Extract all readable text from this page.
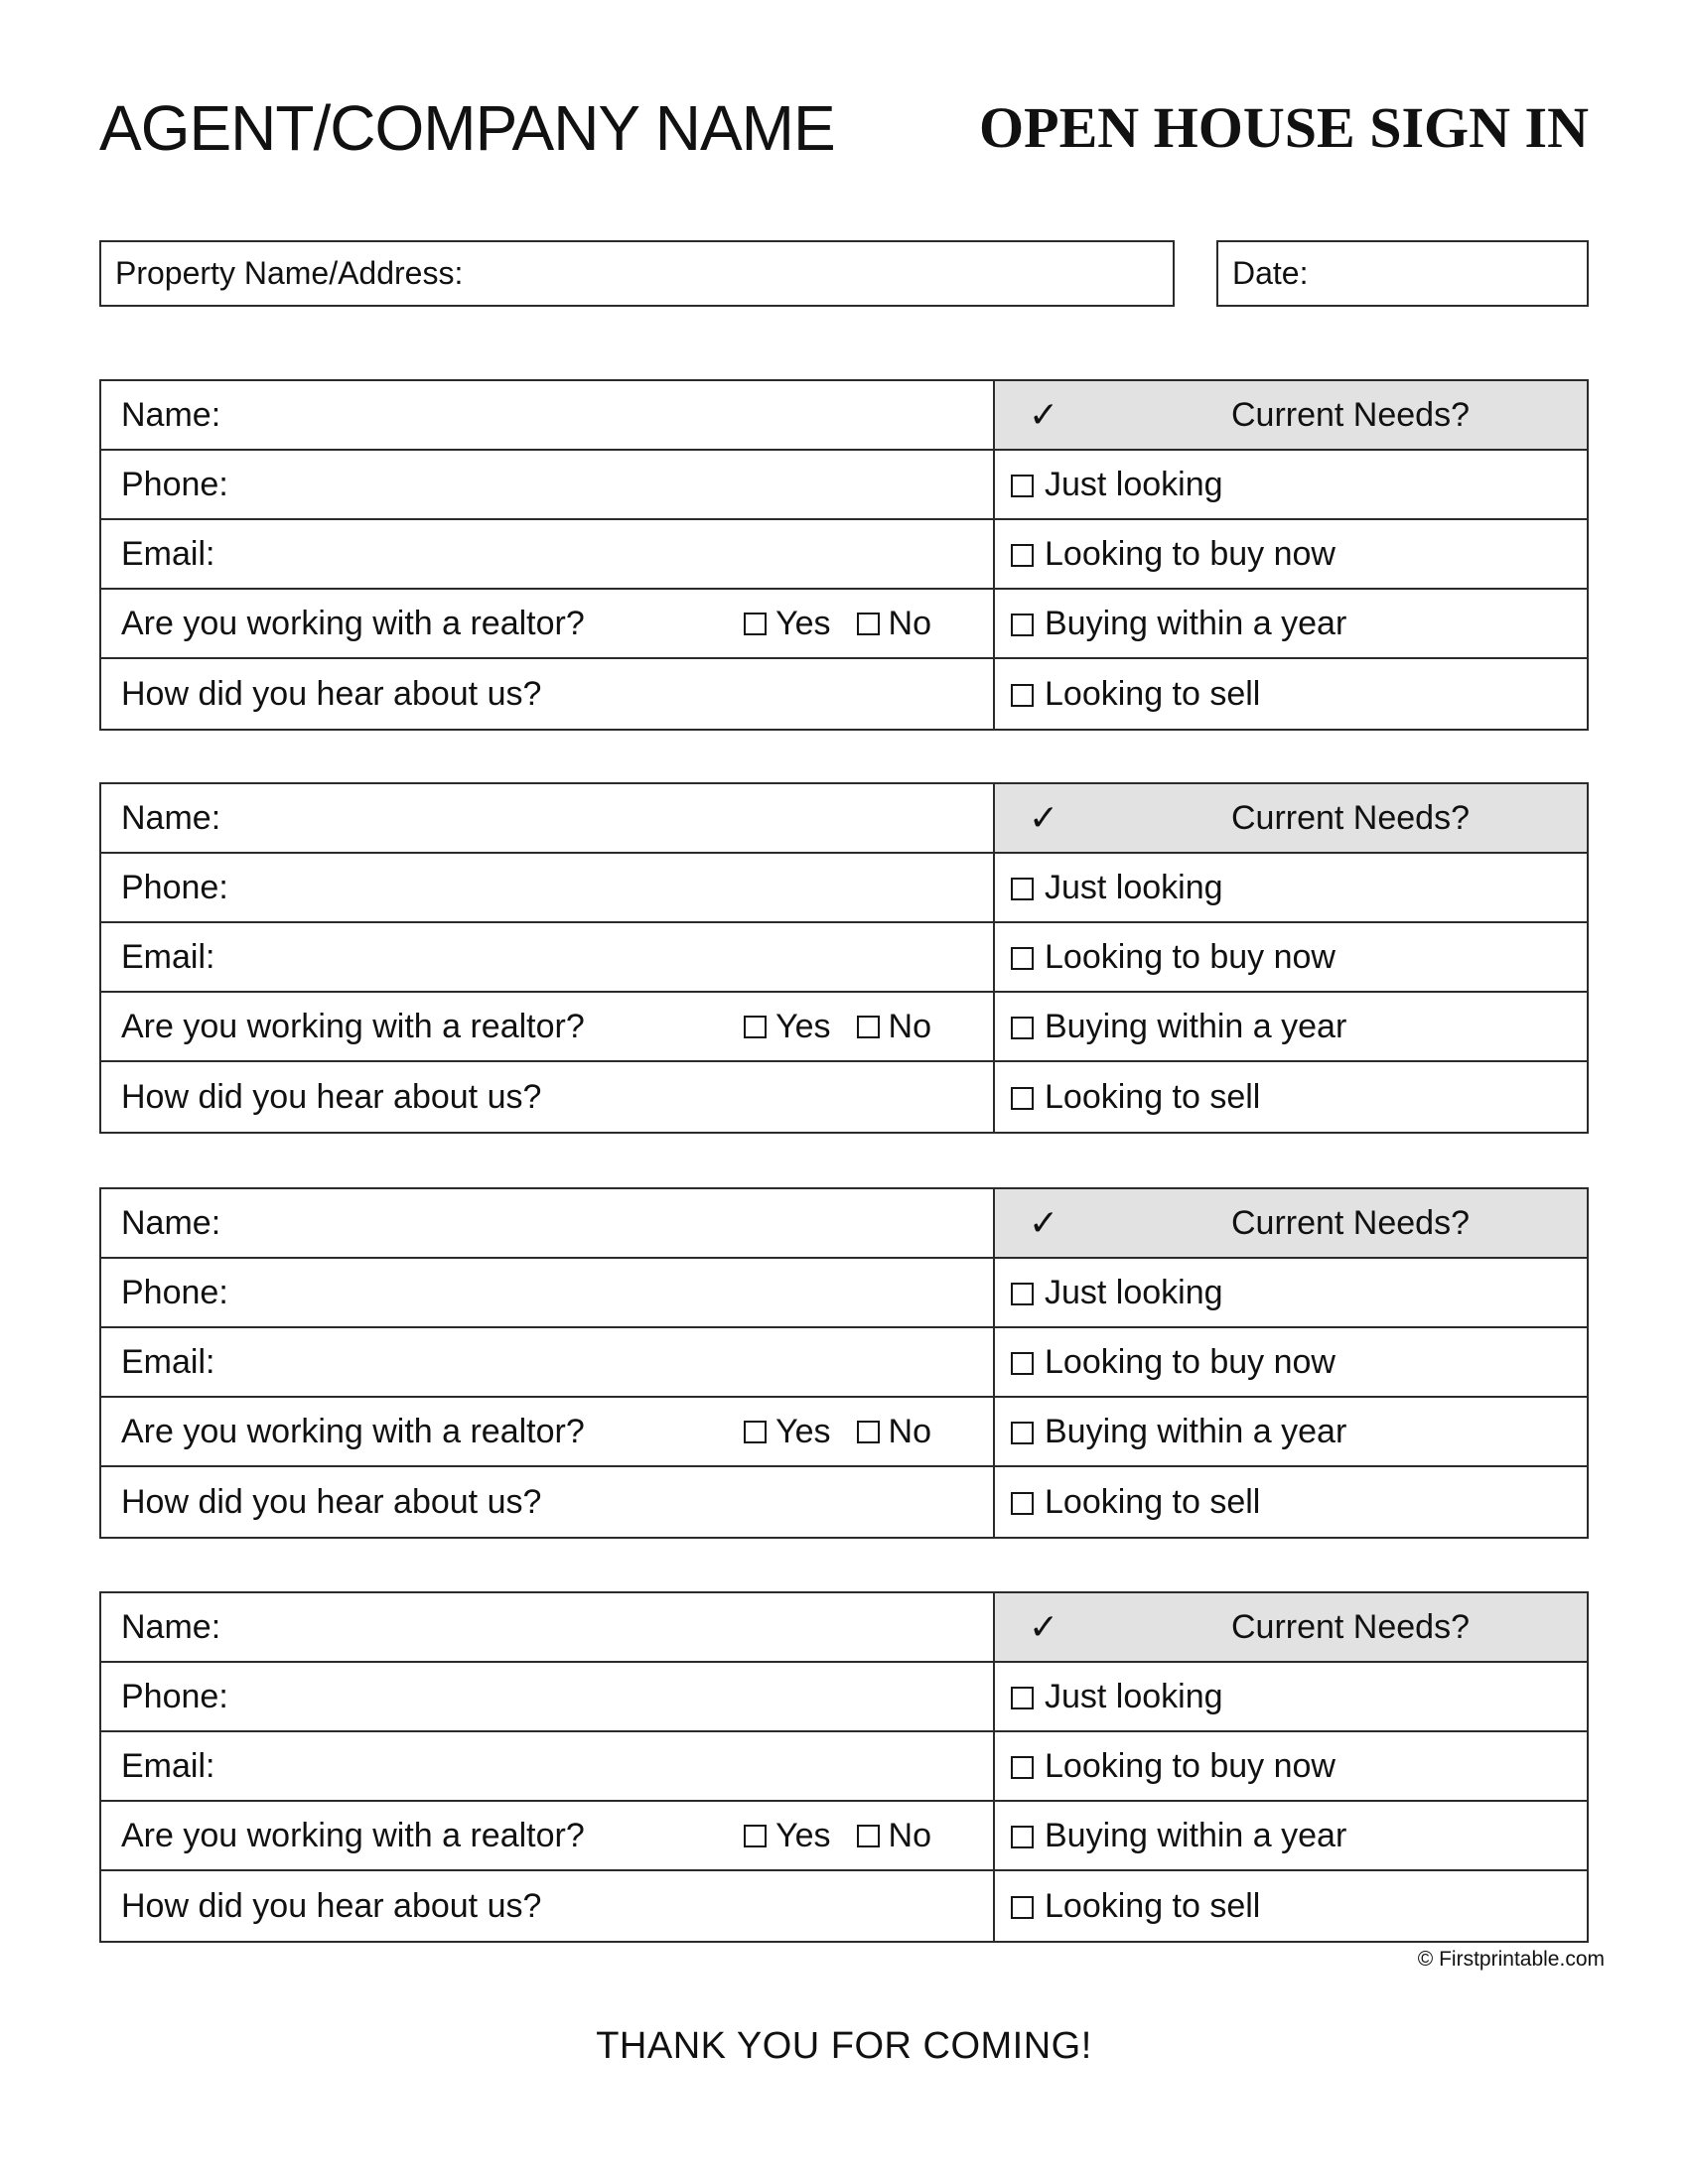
AGENT/COMPANY NAME	OPEN HOUSE SIGN IN
Property Name/Address:	Date:
Name:	✓	Current Needs?
Phone:	Just looking
Email:	Looking to buy now
Are you working with a realtor?	Yes No	Buying within a year
How did you hear about us?	Looking to sell
Name:	✓	Current Needs?
Phone:	Just looking
Email:	Looking to buy now
Are you working with a realtor?	Yes No	Buying within a year
How did you hear about us?	Looking to sell
Name:	✓	Current Needs?
Phone:	Just looking
Email:	Looking to buy now
Are you working with a realtor?	Yes No	Buying within a year
How did you hear about us?	Looking to sell
Name:	✓	Current Needs?
Phone:	Just looking
Email:	Looking to buy now
Are you working with a realtor?	Yes No	Buying within a year
How did you hear about us?	Looking to sell
© Firstprintable.com
THANK YOU FOR COMING!
